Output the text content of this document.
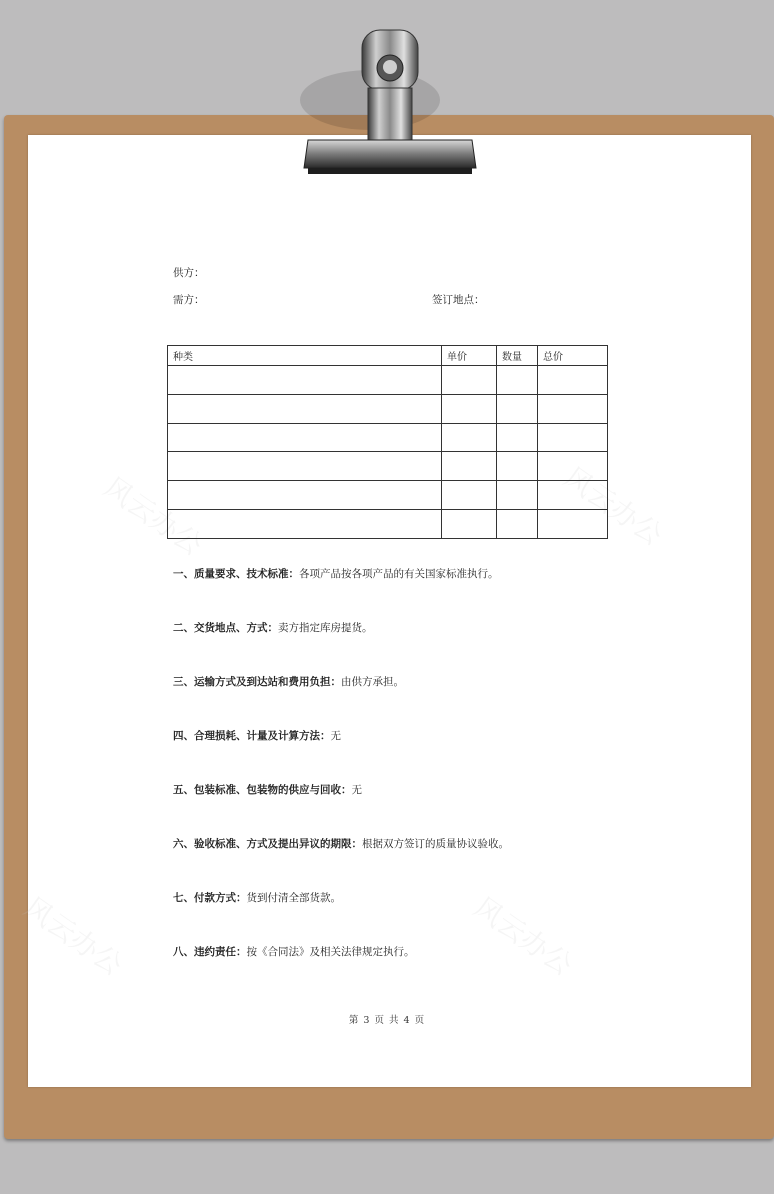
风云办公	风云办公
风云办公	风云办公
供方：
需方：	签订地点：
种类	单价	数量	总价

一、质量要求、技术标准：各项产品按各项产品的有关国家标准执行。
二、交货地点、方式：卖方指定库房提货。
三、运输方式及到达站和费用负担：由供方承担。
四、合理损耗、计量及计算方法：无
五、包装标准、包装物的供应与回收：无
六、验收标准、方式及提出异议的期限：根据双方签订的质量协议验收。
七、付款方式：货到付清全部货款。
八、违约责任：按《合同法》及相关法律规定执行。
第 3 页 共 4 页
